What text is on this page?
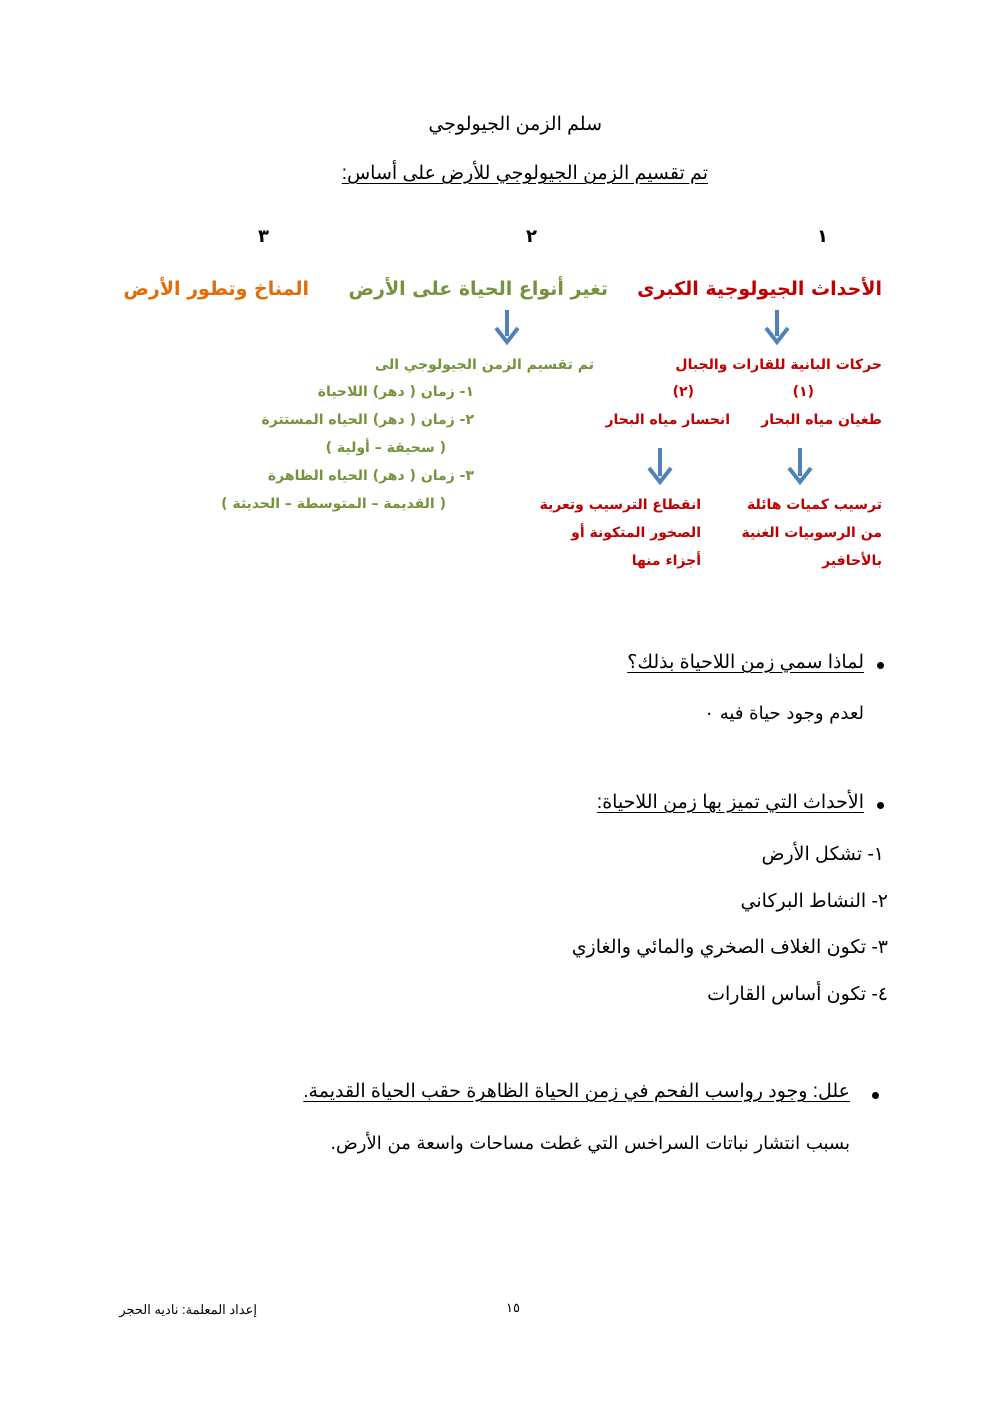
سلم الزمن الجيولوجي
تم تقسيم الزمن الجيولوجي للأرض على أساس:
١
٢
٣
الأحداث الجيولوجية الكبرى
تغير أنواع الحياة على الأرض
المناخ وتطور الأرض
حركات البانية للقارات والجبال
(١)
(٢)
طغيان مياه البحار
انحسار مياه البحار
ترسيب كميات هائلة
من الرسوبيات الغنية
بالأحافير
انقطاع الترسيب وتعرية
الصخور المتكونة أو
أجزاء منها
تم تقسيم الزمن الجيولوجي الى
١- زمان ( دهر) اللاحياة
٢- زمان ( دهر) الحياه المستترة
( سحيقة – أولية )
٣- زمان ( دهر) الحياه الظاهرة
( القديمة – المتوسطة – الحديثة )
لماذا سمي زمن اللاحياة بذلك؟
لعدم وجود حياة فيه ٠
الأحداث التي تميز بها زمن اللاحياة:
١- تشكل الأرض
٢- النشاط البركاني
٣- تكون الغلاف الصخري والمائي والغازي
٤- تكون أساس القارات
علل: وجود رواسب الفحم في زمن الحياة الظاهرة حقب الحياة القديمة.
بسبب انتشار نباتات السراخس التي غطت مساحات واسعة من الأرض.
١٥
إعداد المعلمة: ناديه الحجر
